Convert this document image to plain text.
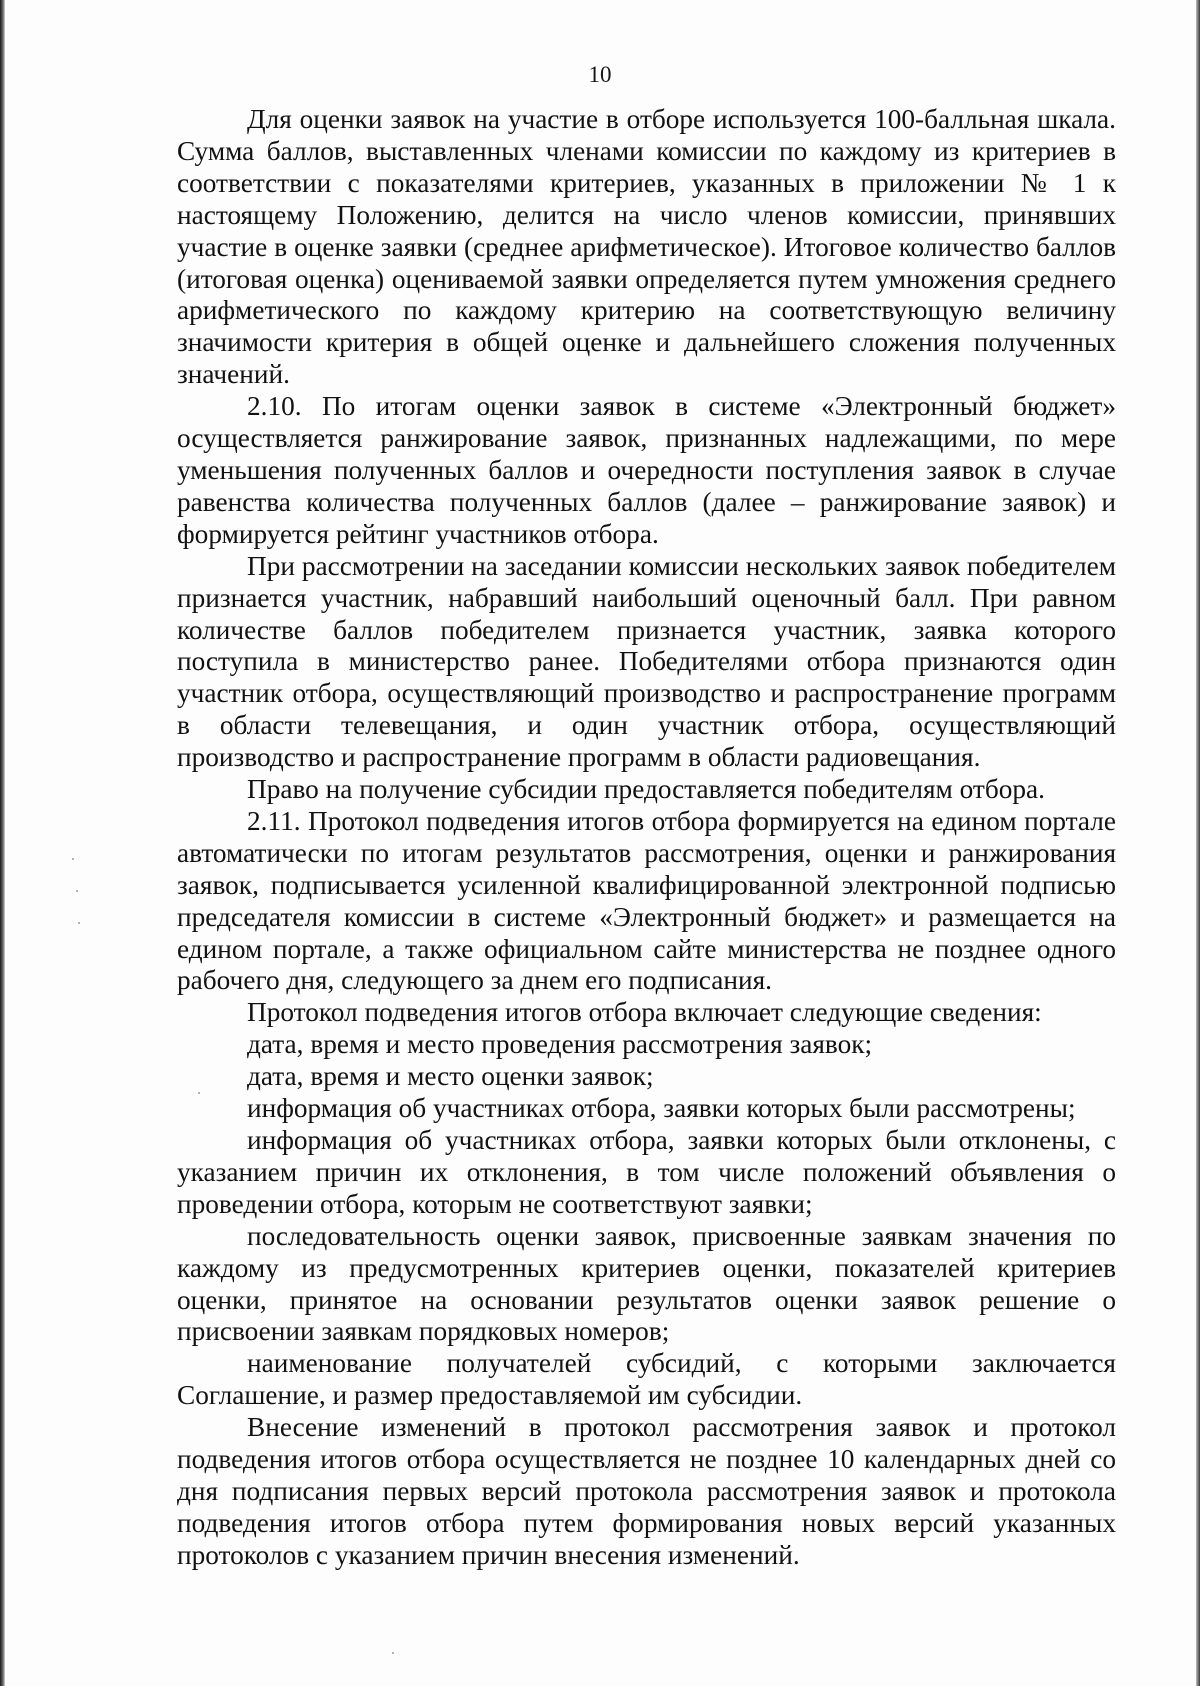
10

Для оценки заявок на участие в отборе используется 100-балльная шкала. Сумма баллов, выставленных членами комиссии по каждому из критериев в соответствии с показателями критериев, указанных в приложении № 1 к настоящему Положению, делится на число членов комиссии, принявших участие в оценке заявки (среднее арифметическое). Итоговое количество баллов (итоговая оценка) оцениваемой заявки определяется путем умножения среднего арифметического по каждому критерию на соответствующую величину значимости критерия в общей оценке и дальнейшего сложения полученных значений.

2.10. По итогам оценки заявок в системе «Электронный бюджет» осуществляется ранжирование заявок, признанных надлежащими, по мере уменьшения полученных баллов и очередности поступления заявок в случае равенства количества полученных баллов (далее – ранжирование заявок) и формируется рейтинг участников отбора.

При рассмотрении на заседании комиссии нескольких заявок победителем признается участник, набравший наибольший оценочный балл. При равном количестве баллов победителем признается участник, заявка которого поступила в министерство ранее. Победителями отбора признаются один участник отбора, осуществляющий производство и распространение программ в области телевещания, и один участник отбора, осуществляющий производство и распространение программ в области радиовещания.

Право на получение субсидии предоставляется победителям отбора.

2.11. Протокол подведения итогов отбора формируется на едином портале автоматически по итогам результатов рассмотрения, оценки и ранжирования заявок, подписывается усиленной квалифицированной электронной подписью председателя комиссии в системе «Электронный бюджет» и размещается на едином портале, а также официальном сайте министерства не позднее одного рабочего дня, следующего за днем его подписания.

Протокол подведения итогов отбора включает следующие сведения:

дата, время и место проведения рассмотрения заявок;

дата, время и место оценки заявок;

информация об участниках отбора, заявки которых были рассмотрены;

информация об участниках отбора, заявки которых были отклонены, с указанием причин их отклонения, в том числе положений объявления о проведении отбора, которым не соответствуют заявки;

последовательность оценки заявок, присвоенные заявкам значения по каждому из предусмотренных критериев оценки, показателей критериев оценки, принятое на основании результатов оценки заявок решение о присвоении заявкам порядковых номеров;

наименование получателей субсидий, с которыми заключается Соглашение, и размер предоставляемой им субсидии.

Внесение изменений в протокол рассмотрения заявок и протокол подведения итогов отбора осуществляется не позднее 10 календарных дней со дня подписания первых версий протокола рассмотрения заявок и протокола подведения итогов отбора путем формирования новых версий указанных протоколов с указанием причин внесения изменений.
